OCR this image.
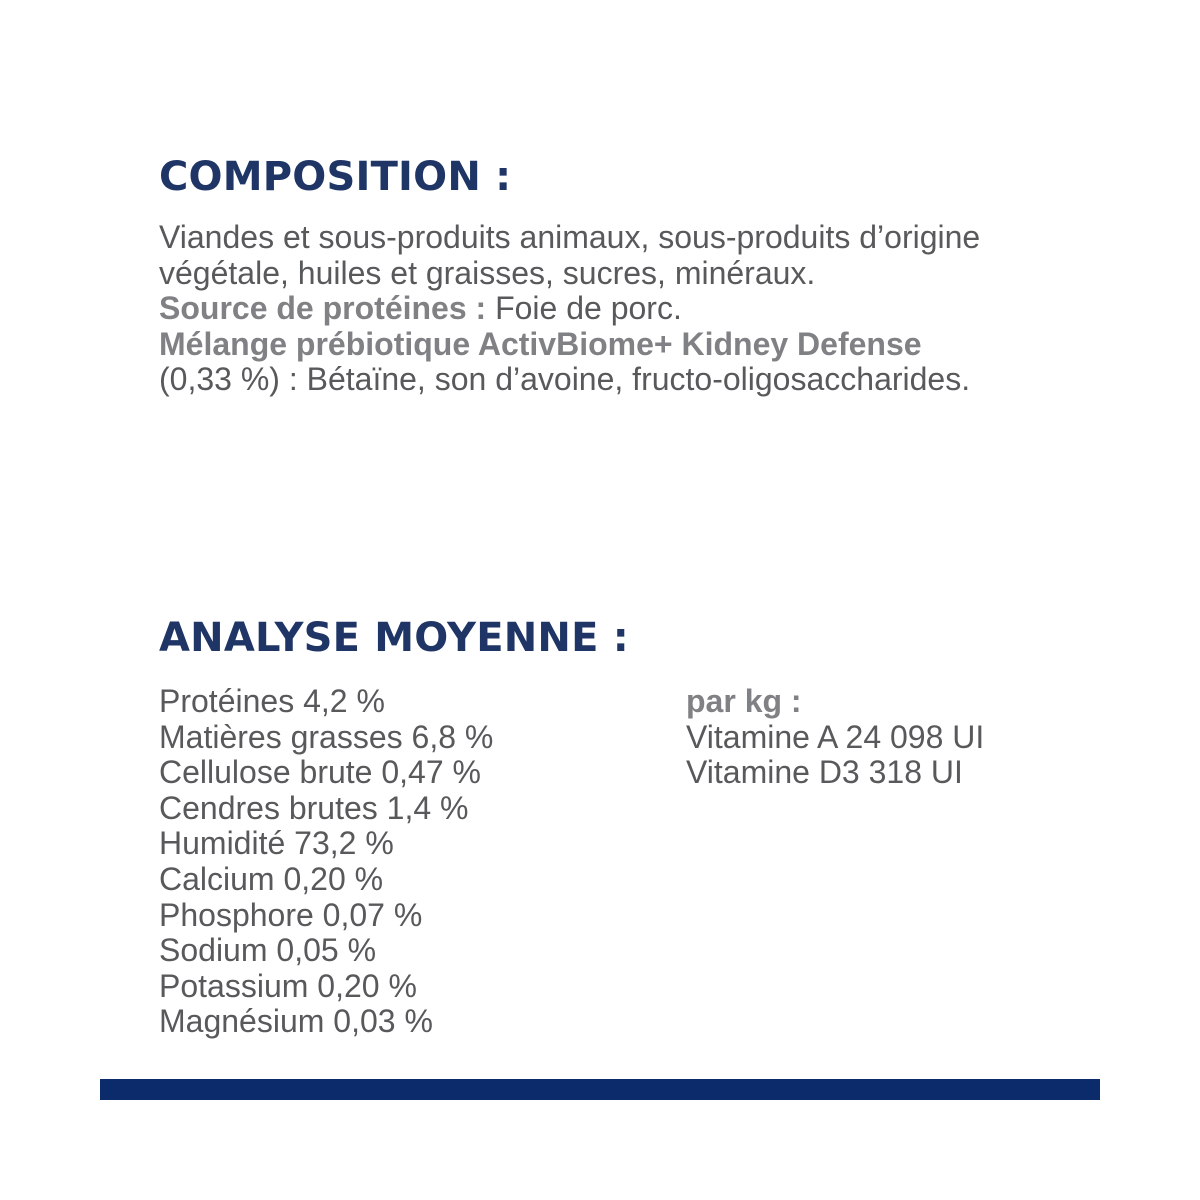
COMPOSITION :

Viandes et sous-produits animaux, sous-produits d’origine végétale, huiles et graisses, sucres, minéraux.

Source de protéines : Foie de porc.

Mélange prébiotique ActivBiome+ Kidney Defense

(0,33 %) : Bétaïne, son d’avoine, fructo-oligosaccharides.

ANALYSE MOYENNE :
Protéines 4,2 %
Matières grasses 6,8 %
Cellulose brute 0,47 %
Cendres brutes 1,4 %
Humidité 73,2 %
Calcium 0,20 %
Phosphore 0,07 %
Sodium 0,05 %
Potassium 0,20 %
Magnésium 0,03 %
par kg :
Vitamine A 24 098 UI
Vitamine D3 318 UI
